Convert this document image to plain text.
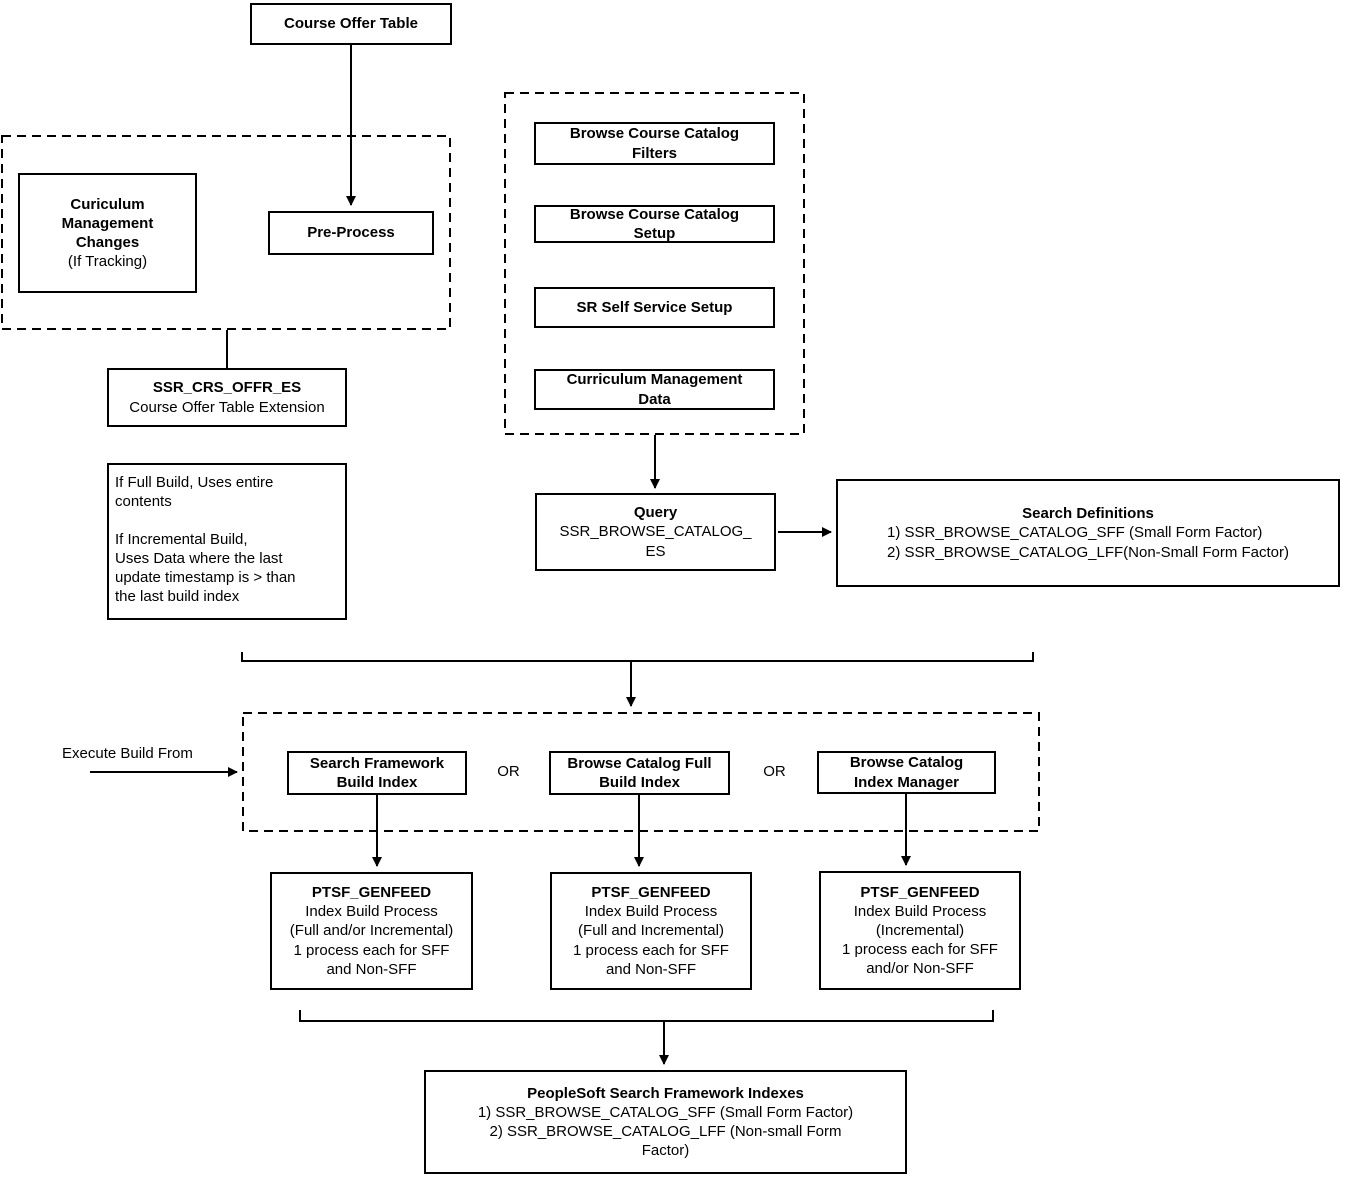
Course Offer Table
Curiculum
Management
Changes
(If Tracking)
Pre-Process
SSR_CRS_OFFR_ES
Course Offer Table Extension
If Full Build, Uses entire
contents

If Incremental Build,
Uses Data where the last
update timestamp is > than
the last build index
Browse Course Catalog
Filters
Browse Course Catalog
Setup
SR Self Service Setup
Curriculum Management
Data
Query
SSR_BROWSE_CATALOG_
ES
Search Definitions
1) SSR_BROWSE_CATALOG_SFF (Small Form Factor)
2) SSR_BROWSE_CATALOG_LFF(Non-Small Form Factor)
Execute Build From
Search Framework
Build Index
OR	Browse Catalog Full
Build Index
OR
Browse Catalog
Index Manager
PTSF_GENFEED
Index Build Process
(Full and/or Incremental)
1 process each for SFF
and Non-SFF
PTSF_GENFEED
Index Build Process
(Full and Incremental)
1 process each for SFF
and Non-SFF
PTSF_GENFEED
Index Build Process
(Incremental)
1 process each for SFF
and/or Non-SFF
PeopleSoft Search Framework Indexes
1) SSR_BROWSE_CATALOG_SFF (Small Form Factor)
2) SSR_BROWSE_CATALOG_LFF (Non-small Form
Factor)
